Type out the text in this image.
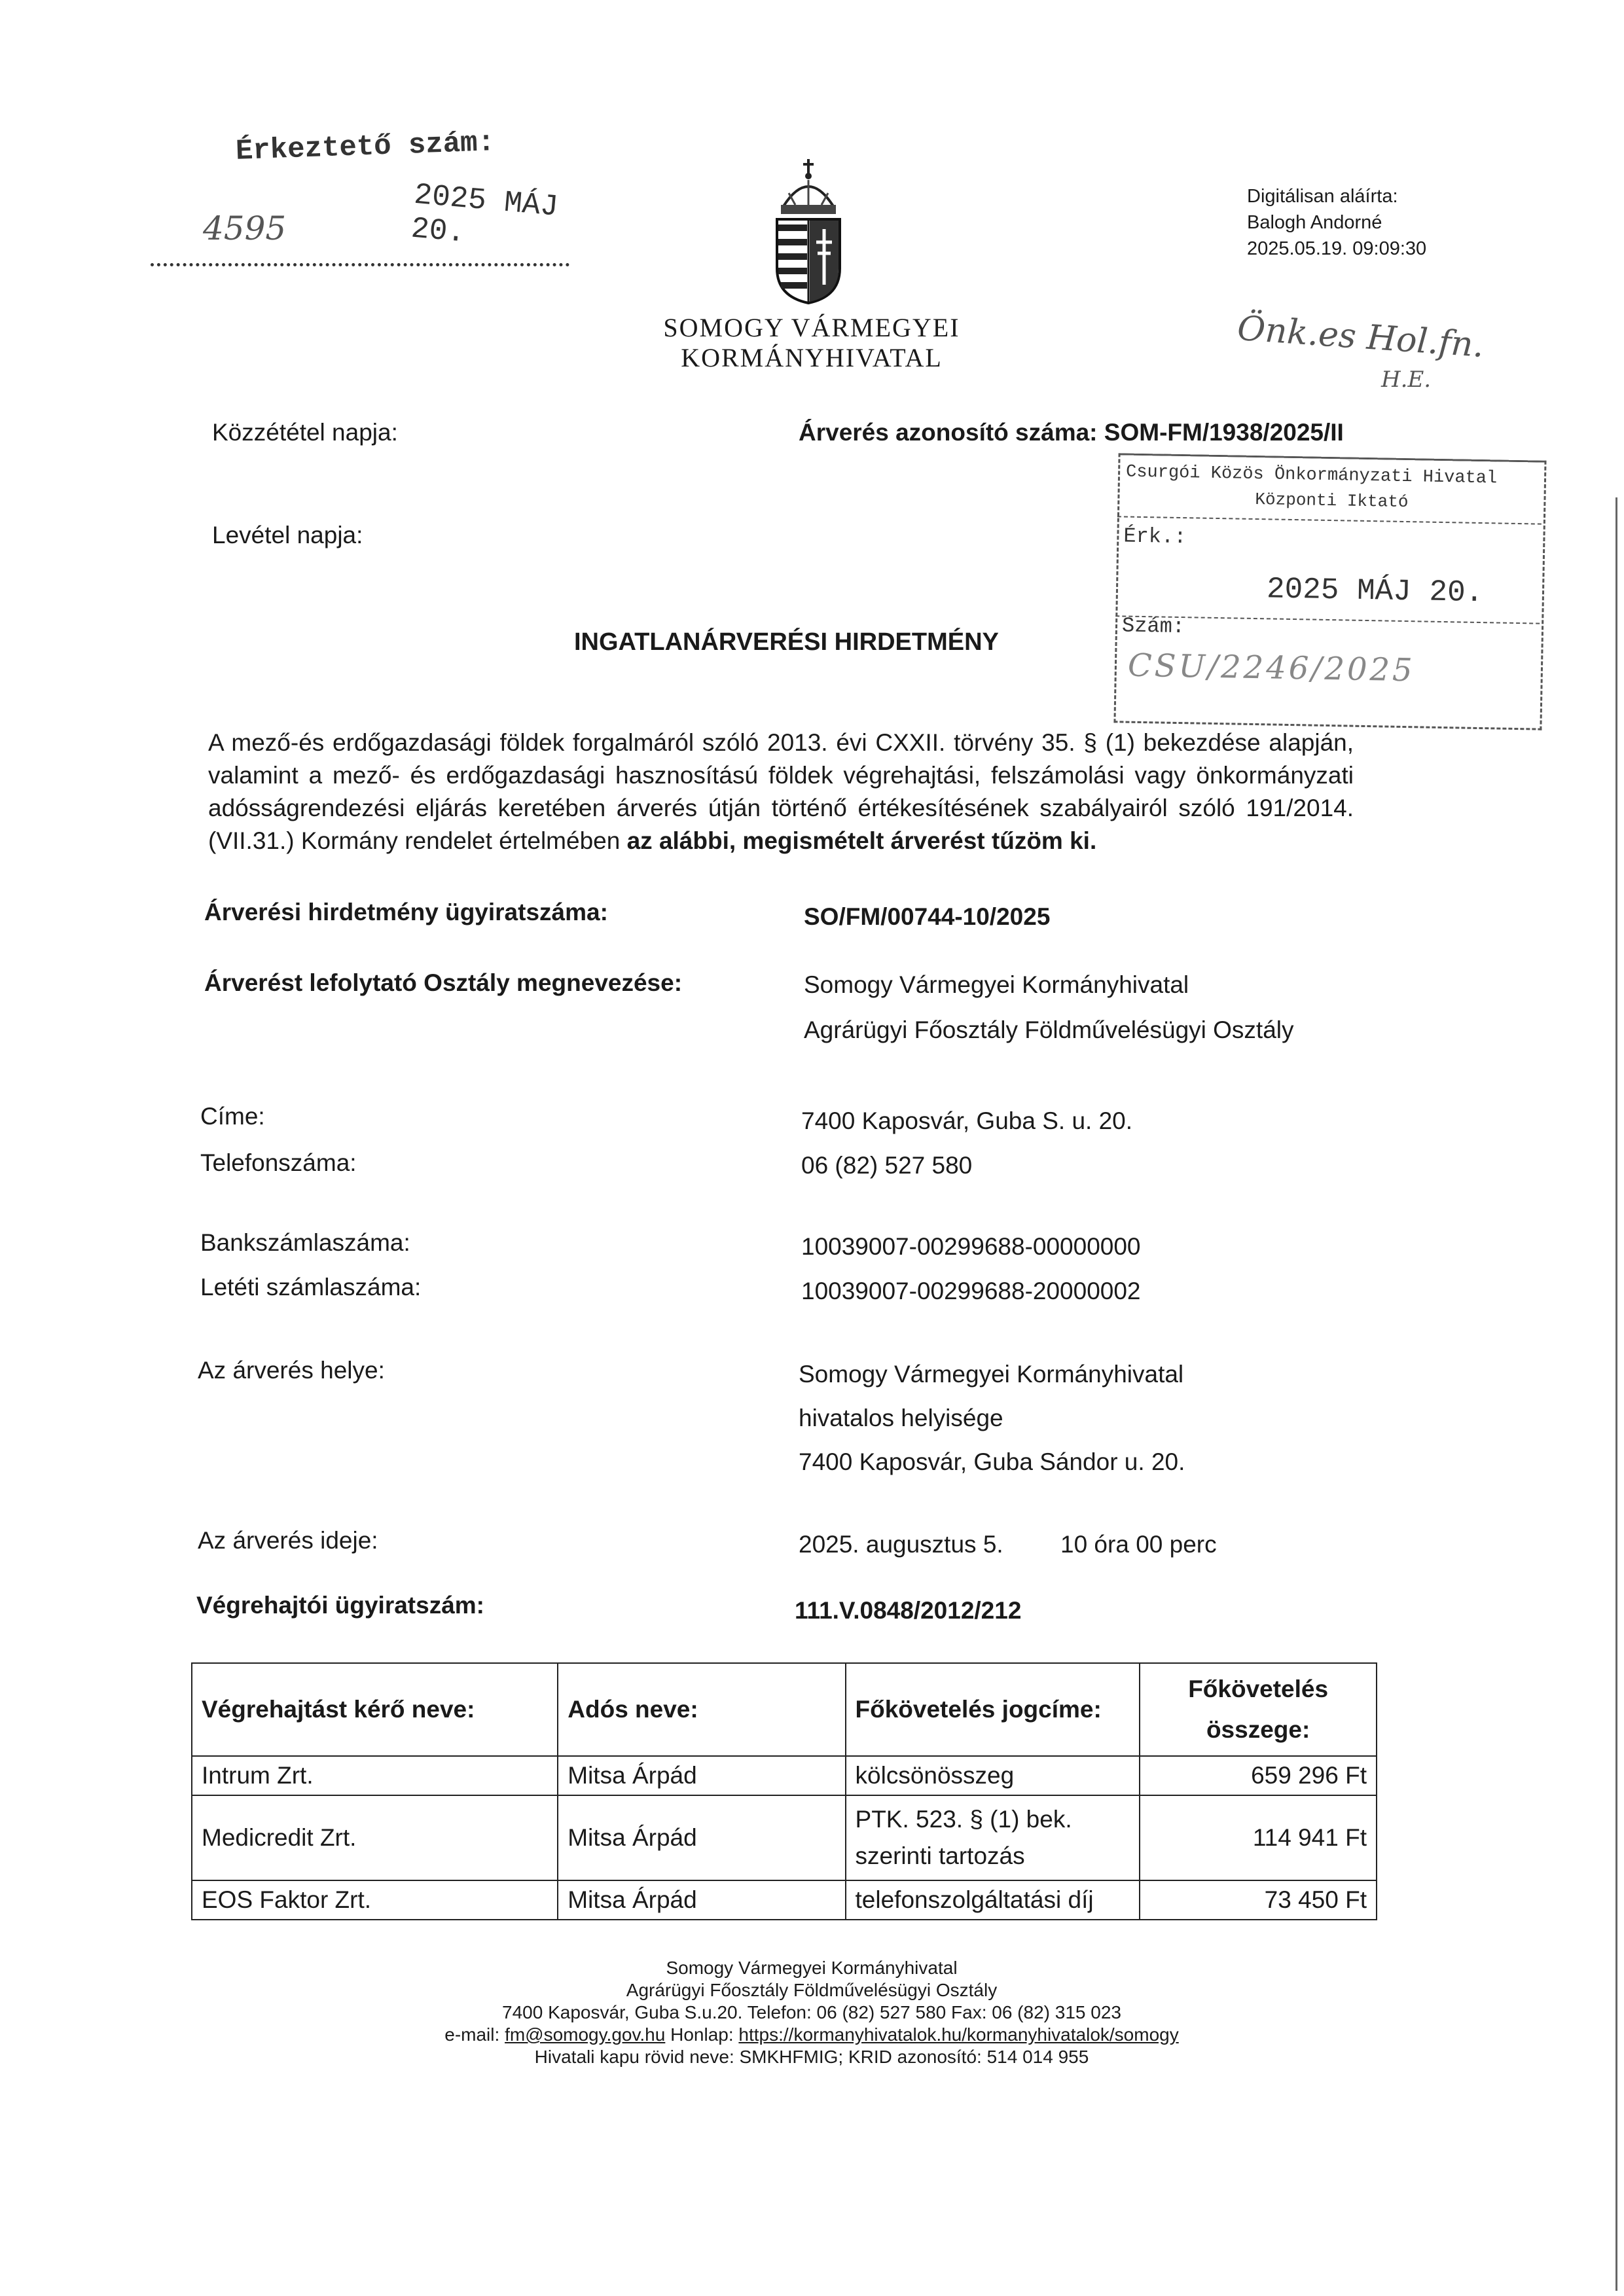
Érkeztető szám:
2025 MÁJ 20.
4595
SOMOGY VÁRMEGYEI
KORMÁNYHIVATAL
Digitálisan aláírta:
Balogh Andorné
2025.05.19. 09:09:30
Önk.es Hol.fn.
H.E.
Közzététel napja:	Árverés azonosító száma: SOM-FM/1938/2025/II
Levétel napja:
Csurgói Közös Önkormányzati Hivatal
Központi Iktató
Érk.:
2025 MÁJ 20.
Szám:
CSU/2246/2025
INGATLANÁRVERÉSI HIRDETMÉNY
A mező-és erdőgazdasági földek forgalmáról szóló 2013. évi CXXII. törvény 35. § (1) bekezdése alapján, valamint a mező- és erdőgazdasági hasznosítású földek végrehajtási, felszámolási vagy önkormányzati adósságrendezési eljárás keretében árverés útján történő értékesítésének szabályairól szóló 191/2014. (VII.31.) Kormány rendelet értelmében az alábbi, megismételt árverést tűzöm ki.
Árverési hirdetmény ügyiratszáma:	SO/FM/00744-10/2025
Árverést lefolytató Osztály megnevezése:	Somogy Vármegyei Kormányhivatal
Agrárügyi Főosztály Földművelésügyi Osztály
Címe:	7400 Kaposvár, Guba S. u. 20.
Telefonszáma:	06 (82) 527 580
Bankszámlaszáma:	10039007-00299688-00000000
Letéti számlaszáma:	10039007-00299688-20000002
Az árverés helye:	Somogy Vármegyei Kormányhivatal
hivatalos helyisége
7400 Kaposvár, Guba Sándor u. 20.
Az árverés ideje:	2025. augusztus 5. 10 óra 00 perc
Végrehajtói ügyiratszám:	111.V.0848/2012/212
Végrehajtást kérő neve:	Adós neve:	Főkövetelés jogcíme:	Főkövetelés
összege:

Intrum Zrt.	Mitsa Árpád	kölcsönösszeg	659 296 Ft
Medicredit Zrt.	Mitsa Árpád	PTK. 523. § (1) bek.
szerinti tartozás	114 941 Ft
EOS Faktor Zrt.	Mitsa Árpád	telefonszolgáltatási díj	73 450 Ft
Somogy Vármegyei Kormányhivatal
Agrárügyi Főosztály Földművelésügyi Osztály
7400 Kaposvár, Guba S.u.20. Telefon: 06 (82) 527 580 Fax: 06 (82) 315 023
e-mail: fm@somogy.gov.hu Honlap: https://kormanyhivatalok.hu/kormanyhivatalok/somogy
Hivatali kapu rövid neve: SMKHFMIG; KRID azonosító: 514 014 955
